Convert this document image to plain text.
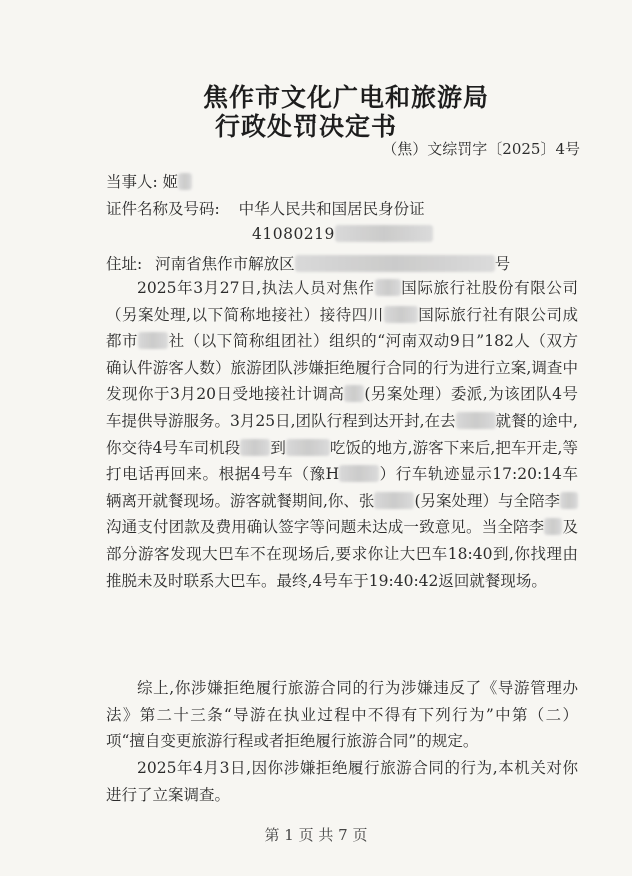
焦作市文化广电和旅游局
行政处罚决定书
（焦）文综罚字〔2025〕4号
当事人: 姬
证件名称及号码: 中华人民共和国居民身份证
41080219
住址: 河南省焦作市解放区	号

2025年3月27日,执法人员对焦作 国际旅行社股份有限公司（另案处理,以下简称地接社）接待四川 国际旅行社有限公司成都市 社（以下简称组团社）组织的“河南双动9日”182人（双方确认件游客人数）旅游团队涉嫌拒绝履行合同的行为进行立案,调查中发现你于3月20日受地接社计调高 (另案处理）委派,为该团队4号车提供导游服务。3月25日,团队行程到达开封,在去	就餐的途中,你交待4号车司机段 到	吃饭的地方,游客下来后,把车开走,等打电话再回来。根据4号车（豫H	）行车轨迹显示17:20:14车辆离开就餐现场。游客就餐期间,你、张	(另案处理）与全陪李沟通支付团款及费用确认签字等问题未达成一致意见。当全陪李 及部分游客发现大巴车不在现场后,要求你让大巴车18:40到,你找理由推脱未及时联系大巴车。最终,4号车于19:40:42返回就餐现场。

综上,你涉嫌拒绝履行旅游合同的行为涉嫌违反了《导游管理办法》第二十三条“导游在执业过程中不得有下列行为”中第（二）项“擅自变更旅游行程或者拒绝履行旅游合同”的规定。

2025年4月3日,因你涉嫌拒绝履行旅游合同的行为,本机关对你进行了立案调查。

第 1 页 共 7 页
